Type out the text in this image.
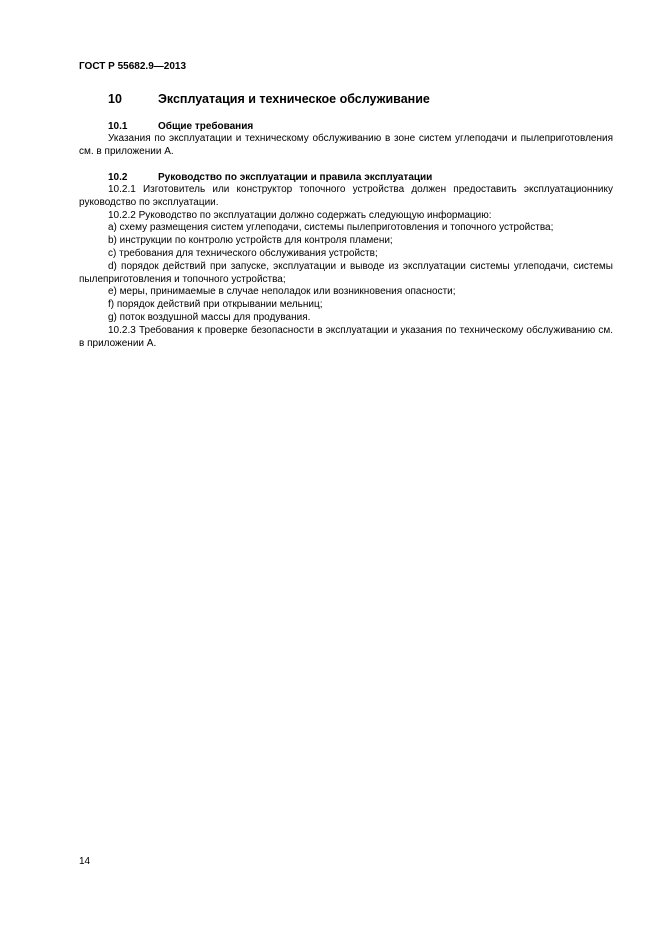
ГОСТ Р 55682.9—2013
10	Эксплуатация и техническое обслуживание
10.1	Общие требования

Указания по эксплуатации и техническому обслуживанию в зоне систем углеподачи и пылеприготовления см. в приложении А.

10.2	Руководство по эксплуатации и правила эксплуатации

10.2.1 Изготовитель или конструктор топочного устройства должен предоставить эксплуатационнику руководство по эксплуатации.

10.2.2 Руководство по эксплуатации должно содержать следующую информацию:

а) схему размещения систем углеподачи, системы пылеприготовления и топочного устройства;

b) инструкции по контролю устройств для контроля пламени;

с) требования для технического обслуживания устройств;

d) порядок действий при запуске, эксплуатации и выводе из эксплуатации системы углеподачи, системы пылеприготовления и топочного устройства;

е) меры, принимаемые в случае неполадок или возникновения опасности;

f) порядок действий при открывании мельниц;

g) поток воздушной массы для продувания.

10.2.3 Требования к проверке безопасности в эксплуатации и указания по техническому обслуживанию см. в приложении А.

14
